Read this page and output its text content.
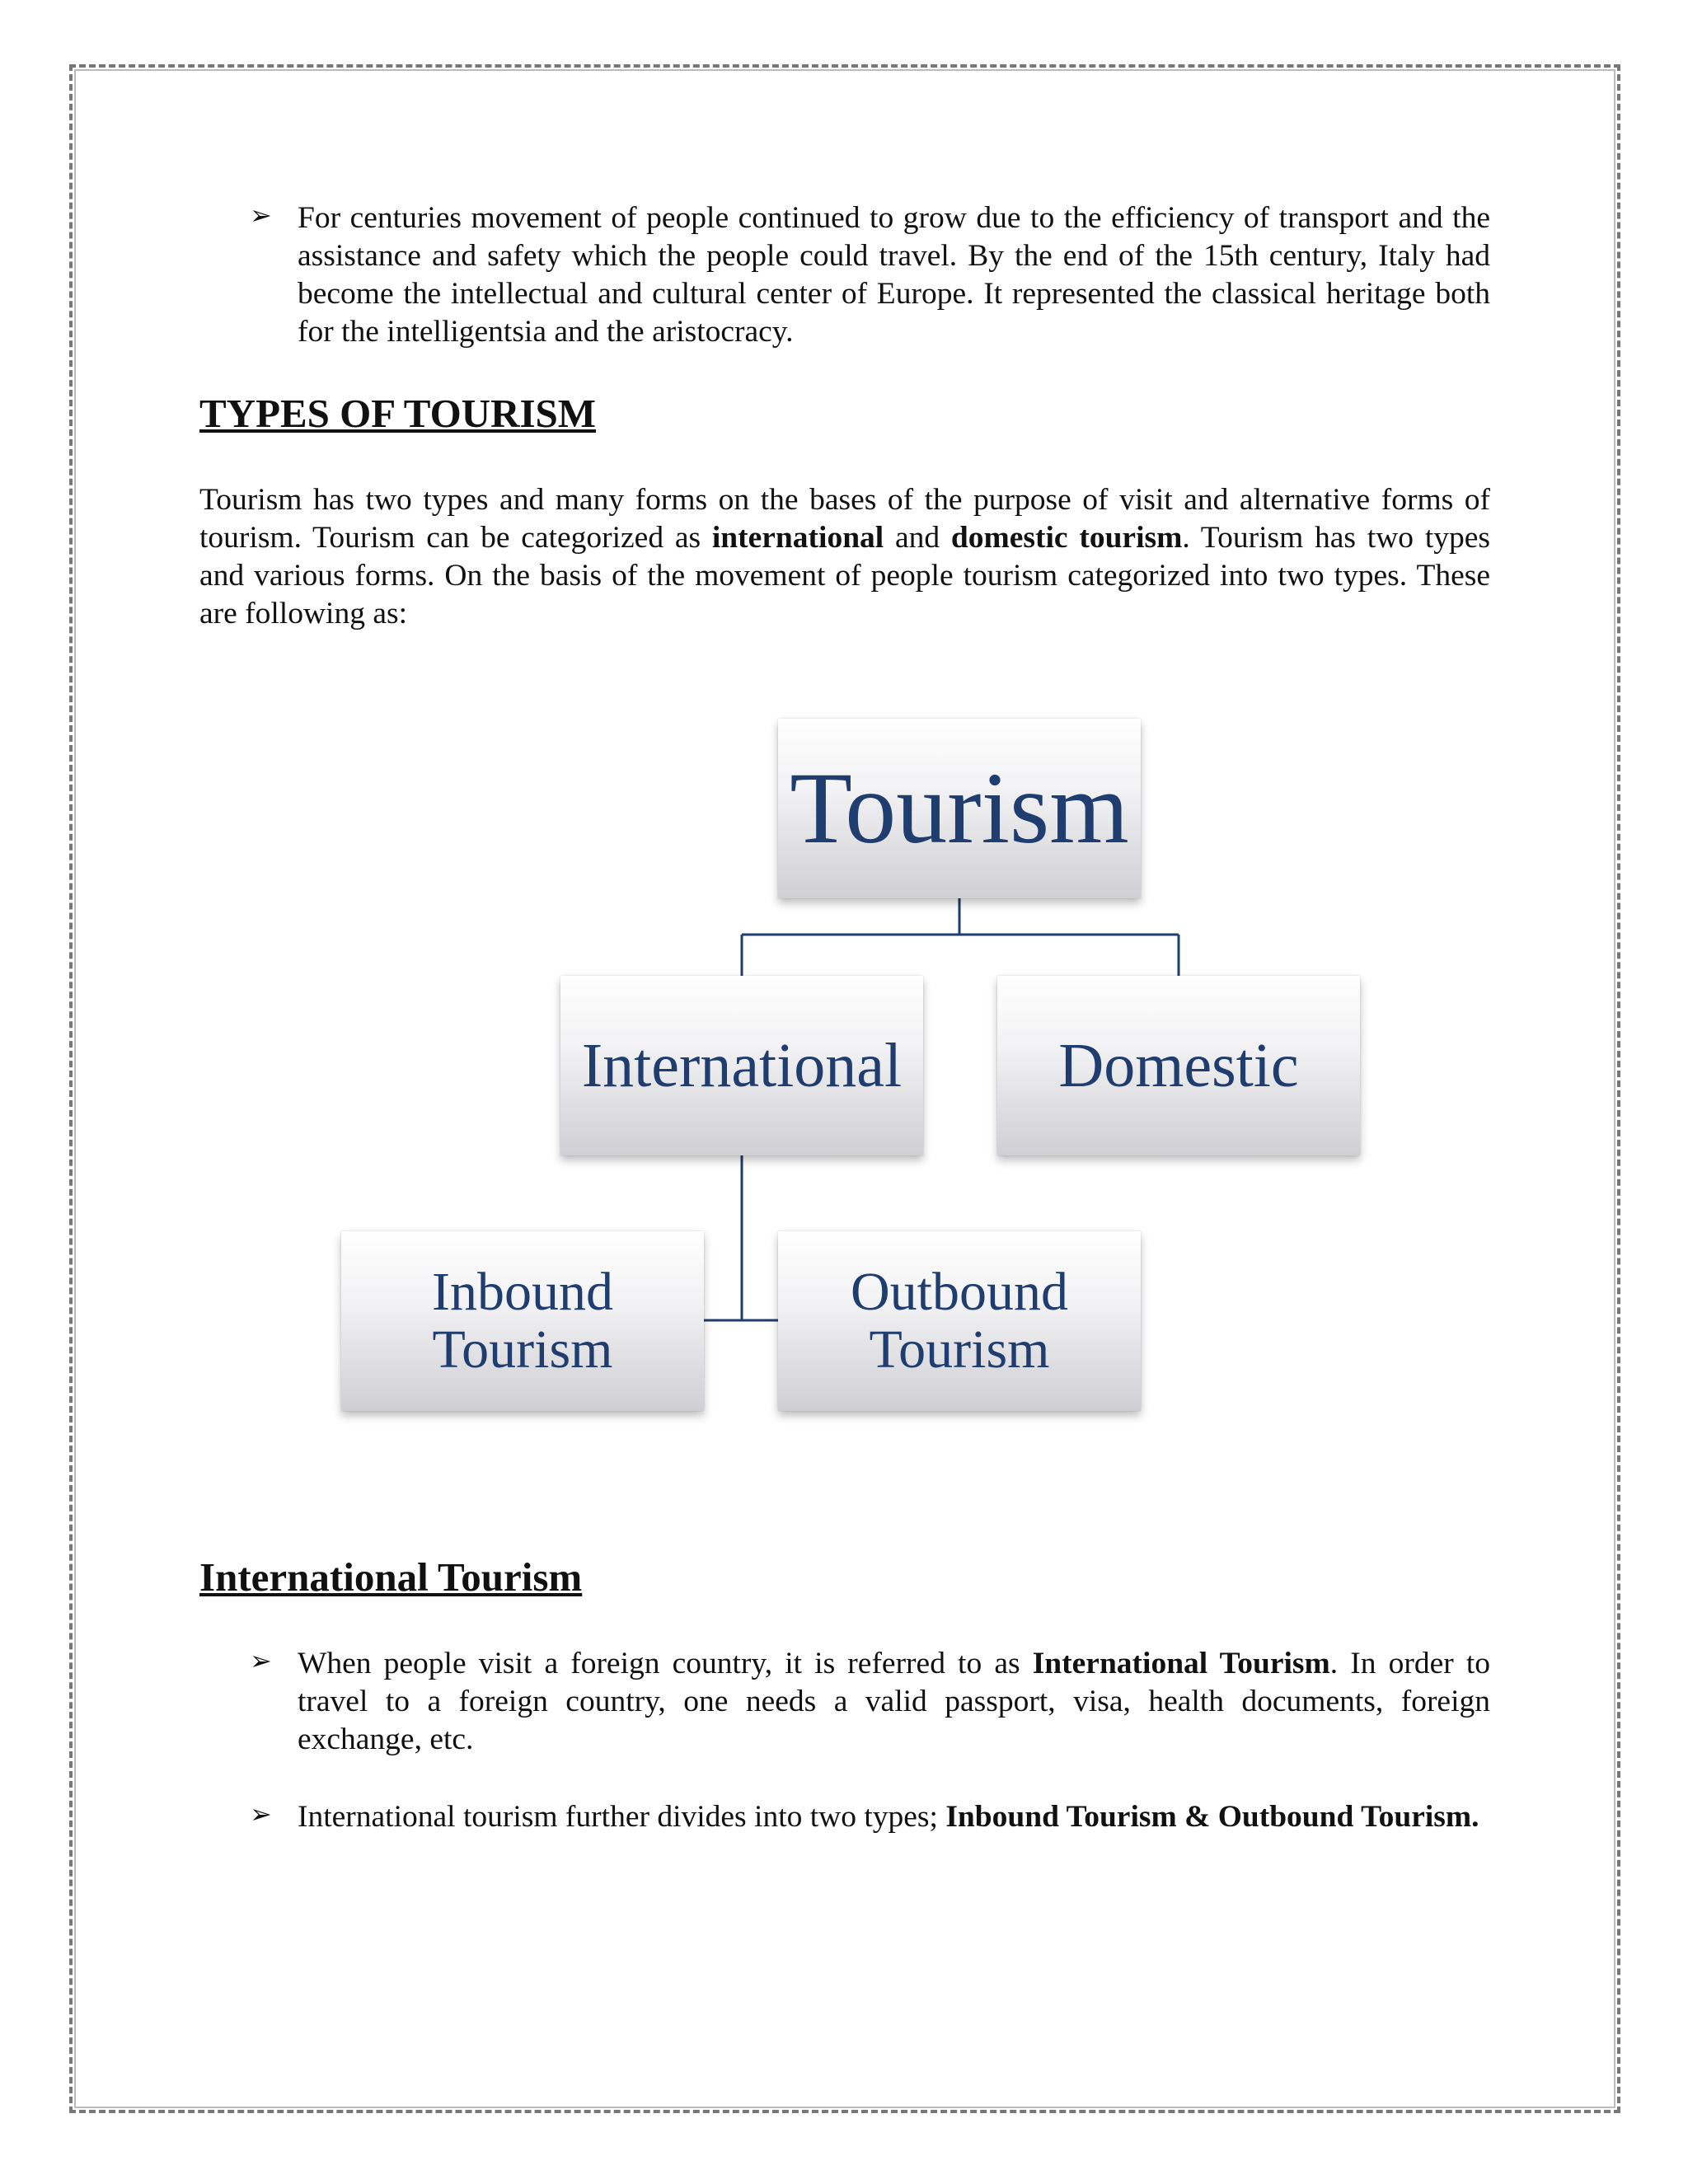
➢ For centuries movement of people continued to grow due to the efficiency of transport and the assistance and safety which the people could travel. By the end of the 15th century, Italy had become the intellectual and cultural center of Europe. It represented the classical heritage both for the intelligentsia and the aristocracy.
TYPES OF TOURISM
Tourism has two types and many forms on the bases of the purpose of visit and alternative forms of tourism. Tourism can be categorized as international and domestic tourism. Tourism has two types and various forms. On the basis of the movement of people tourism categorized into two types. These are following as:
Tourism
International	Domestic
Inbound
Tourism
Outbound
Tourism
International Tourism
➢ When people visit a foreign country, it is referred to as International Tourism. In order to travel to a foreign country, one needs a valid passport, visa, health documents, foreign exchange, etc.
➢ International tourism further divides into two types; Inbound Tourism & Outbound Tourism.
